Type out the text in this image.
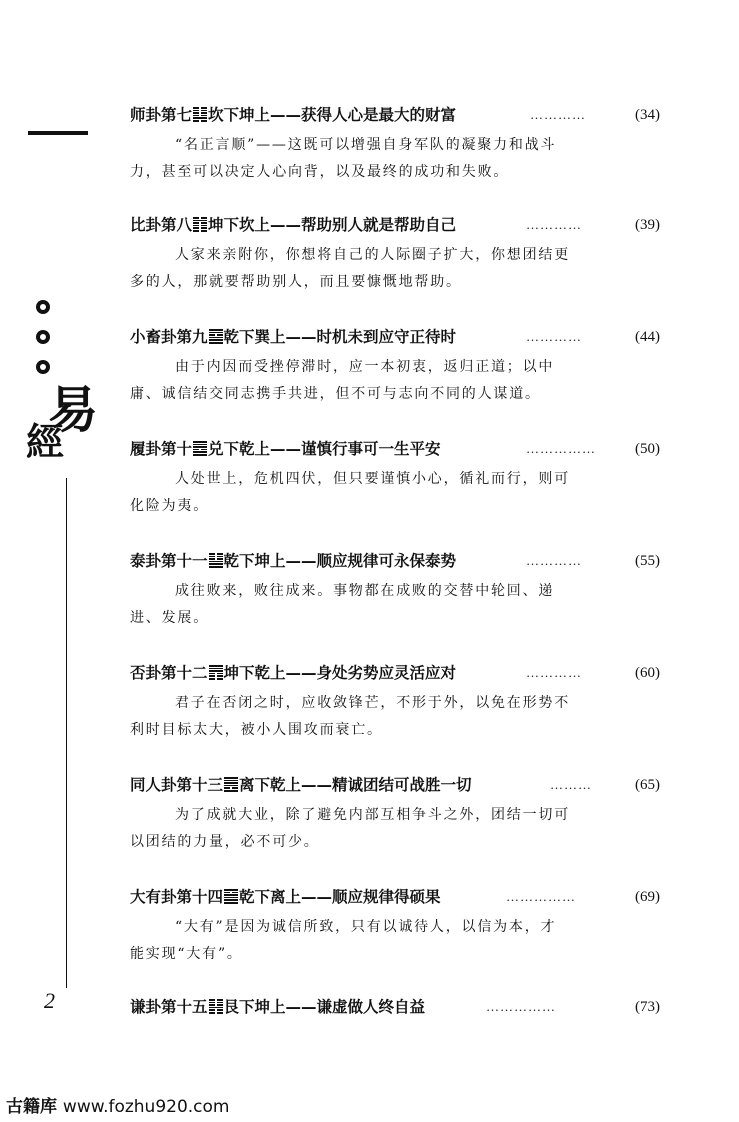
易
經
2
师卦第七 坎下坤上——获得人心是最大的财富	…………	(34)
“名正言顺”——这既可以增强自身军队的凝聚力和战斗
力，甚至可以决定人心向背，以及最终的成功和失败。
比卦第八 坤下坎上——帮助别人就是帮助自己	…………	(39)
人家来亲附你，你想将自己的人际圈子扩大，你想团结更
多的人，那就要帮助别人，而且要慷慨地帮助。
小畜卦第九 乾下巽上——时机未到应守正待时	…………	(44)
由于内因而受挫停滞时，应一本初衷，返归正道；以中
庸、诚信结交同志携手共进，但不可与志向不同的人谋道。
履卦第十 兑下乾上——谨慎行事可一生平安	……………	(50)
人处世上，危机四伏，但只要谨慎小心，循礼而行，则可
化险为夷。
泰卦第十一 乾下坤上——顺应规律可永保泰势	…………	(55)
成往败来，败往成来。事物都在成败的交替中轮回、递
进、发展。
否卦第十二 坤下乾上——身处劣势应灵活应对	…………	(60)
君子在否闭之时，应收敛锋芒，不形于外，以免在形势不
利时目标太大，被小人围攻而衰亡。
同人卦第十三 离下乾上——精诚团结可战胜一切	………	(65)
为了成就大业，除了避免内部互相争斗之外，团结一切可
以团结的力量，必不可少。
大有卦第十四 乾下离上——顺应规律得硕果	……………	(69)
“大有”是因为诚信所致，只有以诚待人，以信为本，才
能实现“大有”。
谦卦第十五 艮下坤上——谦虚做人终自益	……………	(73)
古籍库 www.fozhu920.com
